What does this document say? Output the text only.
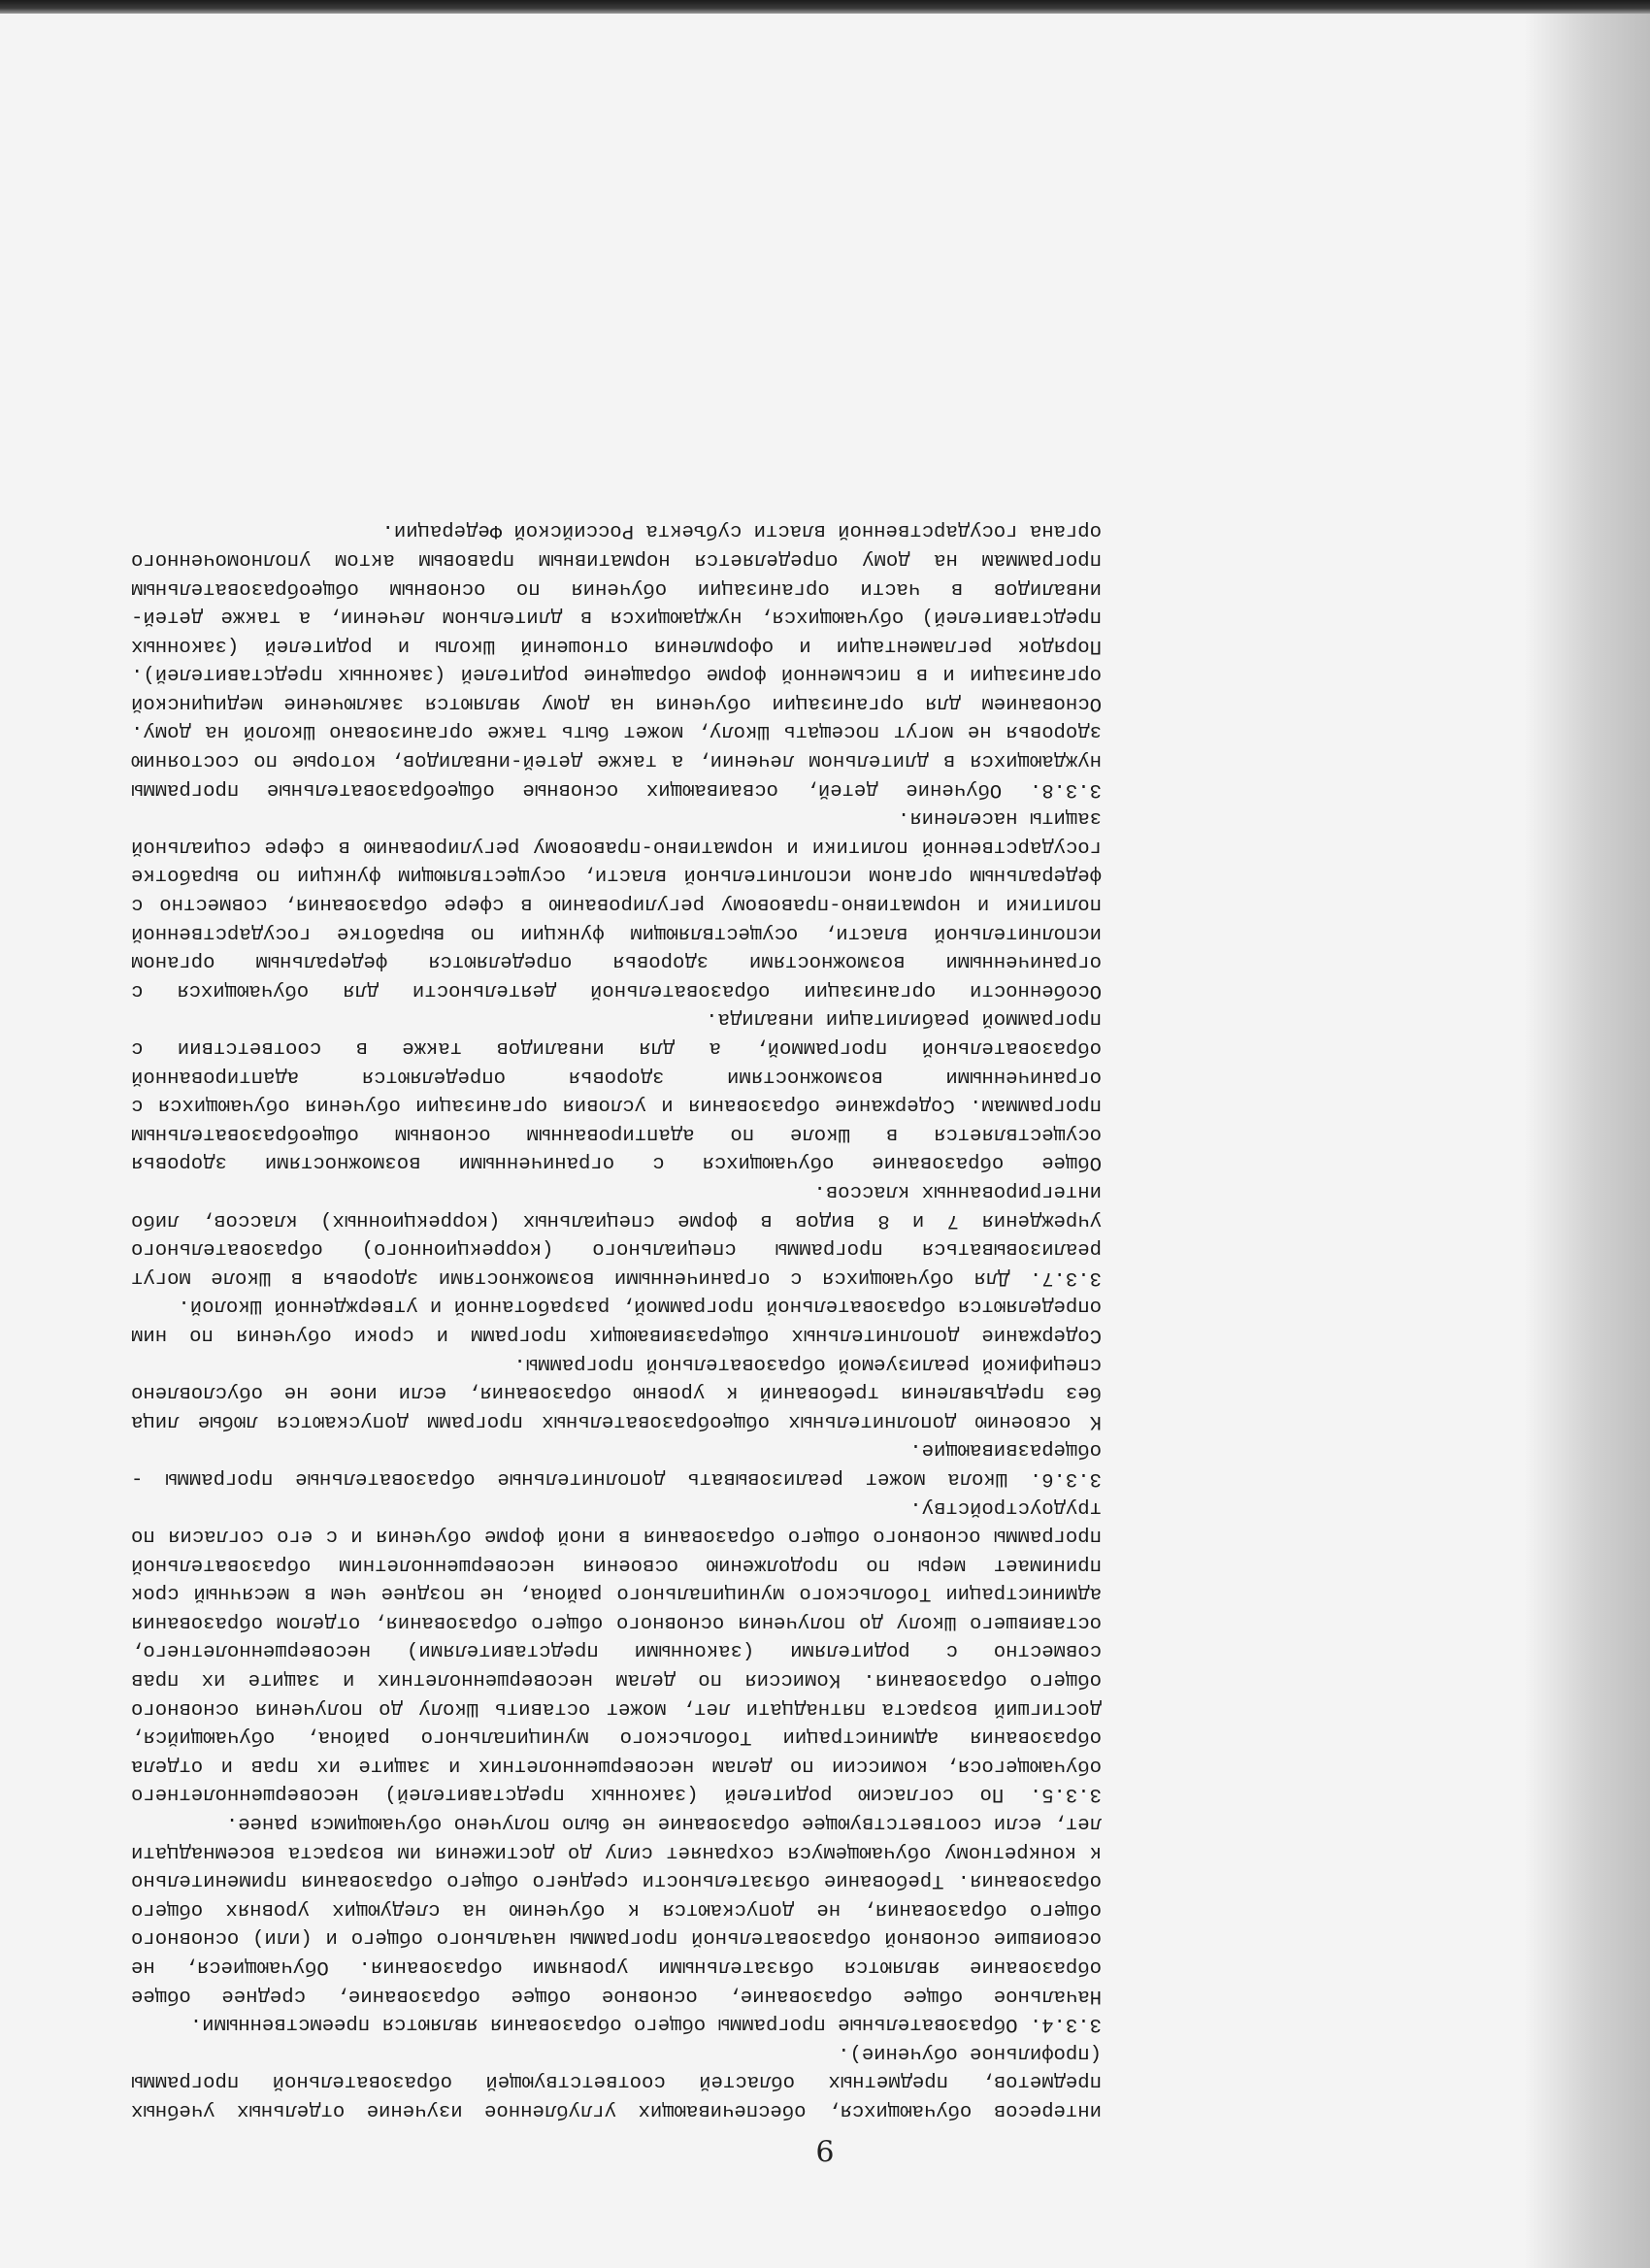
9
интересов обучающихся, обеспечивающих углубленное изучение отдельных учебных
предметов, предметных областей соответствующей образовательной программы
(профильное обучение).
3.3.4. Образовательные программы общего образования являются преемственными.
Начальное общее образование, основное общее образование, среднее общее
образование являются обязательными уровнями образования. Обучающиеся, не
освоившие основной образовательной программы начального общего и (или) основного
общего образования, не допускаются к обучению на следующих уровнях общего
образования. Требование обязательности среднего общего образования применительно
к конкретному обучающемуся сохраняет силу до достижения им возраста восемнадцати
лет, если соответствующее образование не было получено обучающимся ранее.
3.3.5. По согласию родителей (законных представителей) несовершеннолетнего
обучающегося, комиссии по делам несовершеннолетних и защите их прав и отдела
образования администрации Тобольского муниципального района, обучающийся,
достигший возраста пятнадцати лет, может оставить Школу до получения основного
общего образования. Комиссия по делам несовершеннолетних и защите их прав
совместно с родителями (законными представителями) несовершеннолетнего,
оставившего Школу до получения основного общего образования, отделом образования
администрации Тобольского муниципального района, не позднее чем в месячный срок
принимает меры по продолжению освоения несовершеннолетним образовательной
программы основного общего образования в иной форме обучения и с его согласия по
трудоустройству.
3.3.6. Школа может реализовывать дополнительные образовательные программы -
общеразвивающие.
К освоению дополнительных общеобразовательных программ допускаются любые лица
без предъявления требований к уровню образования, если иное не обусловлено
спецификой реализуемой образовательной программы.
Содержание дополнительных общеразвивающих программ и сроки обучения по ним
определяются образовательной программой, разработанной и утвержденной Школой.
3.3.7. Для обучающихся с ограниченными возможностями здоровья в Школе могут
реализовываться программы специального (коррекционного) образовательного
учреждения 7 и 8 видов в форме специальных (коррекционных) классов, либо
интегрированных классов.
Общее образование обучающихся с ограниченными возможностями здоровья
осуществляется в Школе по адаптированным основным общеобразовательным
программам. Содержание образования и условия организации обучения обучающихся с
ограниченными возможностями здоровья определяются адаптированной
образовательной программой, а для инвалидов также в соответствии с
программой реабилитации инвалида.
Особенности организации образовательной деятельности для обучающихся с
ограниченными возможностями здоровья определяются федеральным органом
исполнительной власти, осуществляющим функции по выработке государственной
политики и нормативно-правовому регулированию в сфере образования, совместно с
федеральным органом исполнительной власти, осуществляющим функции по выработке
государственной политики и нормативно-правовому регулированию в сфере социальной
защиты населения.
3.3.8. Обучение детей, осваивающих основные общеобразовательные программы
нуждающихся в длительном лечении, а также детей-инвалидов, которые по состоянию
здоровья не могут посещать Школу, может быть также организовано Школой на дому.
Основанием для организации обучения на дому являются заключение медицинской
организации и в письменной форме обращение родителей (законных представителей).
Порядок регламентации и оформления отношений Школы и родителей (законных
представителей) обучающихся, нуждающихся в длительном лечении, а также детей-
инвалидов в части организации обучения по основным общеобразовательным
программам на дому определяется нормативным правовым актом уполномоченного
органа государственной власти субъекта Российской Федерации.
